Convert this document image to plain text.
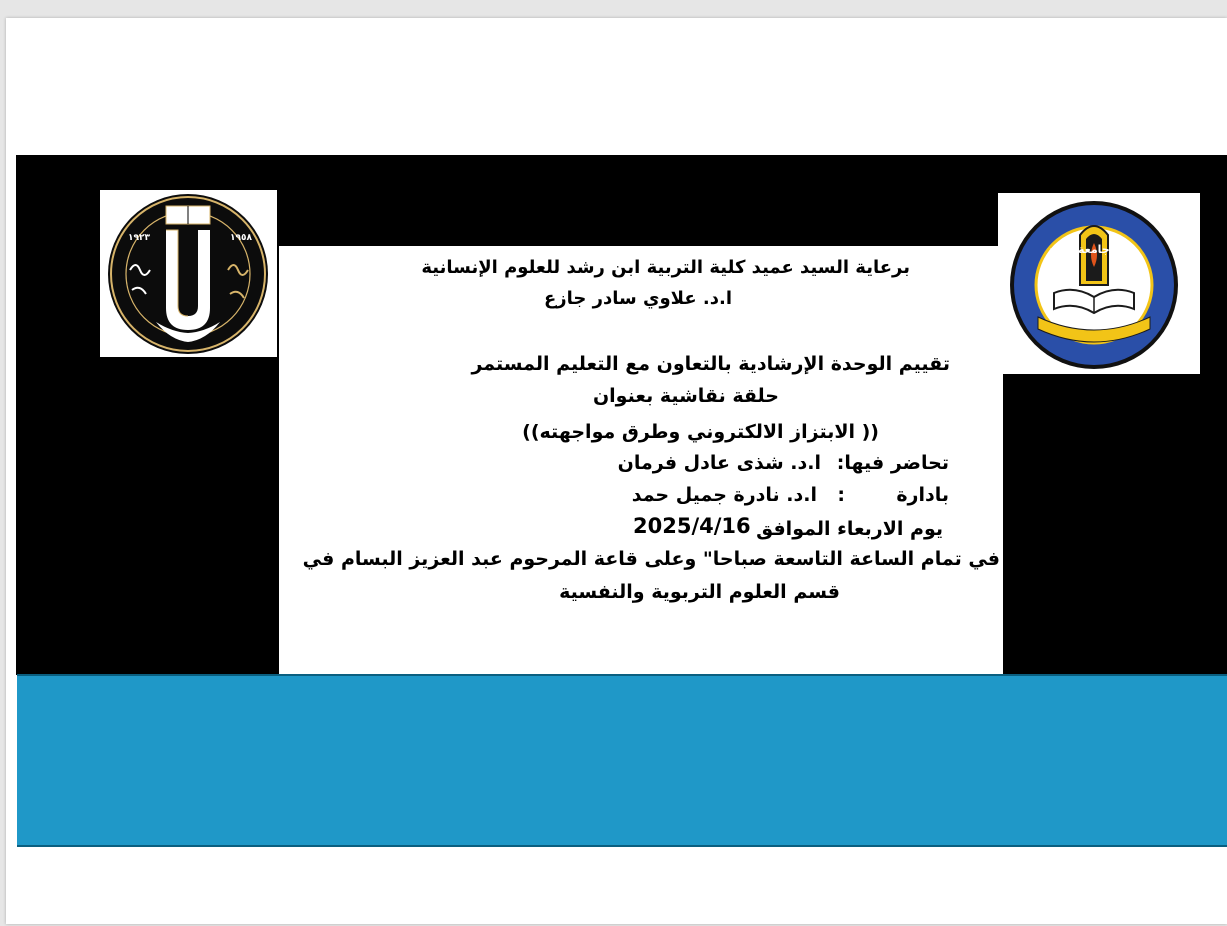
١٩٢٣	١٩٥٨
جامعة بغداد
برعاية السيد عميد كلية التربية ابن رشد للعلوم الإنسانية
ا.د. علاوي سادر جازع
تقييم الوحدة الإرشادية بالتعاون مع التعليم المستمر
حلقة نقاشية بعنوان
(( الابتزاز الالكتروني وطرق مواجهته))
تحاضر فيها:
ا.د. شذى عادل فرمان
بادارة
:
ا.د. نادرة جميل حمد
يوم الاربعاء الموافق
2025/4/16
في تمام الساعة التاسعة صباحا" وعلى قاعة المرحوم عبد العزيز البسام في
قسم العلوم التربوية والنفسية
